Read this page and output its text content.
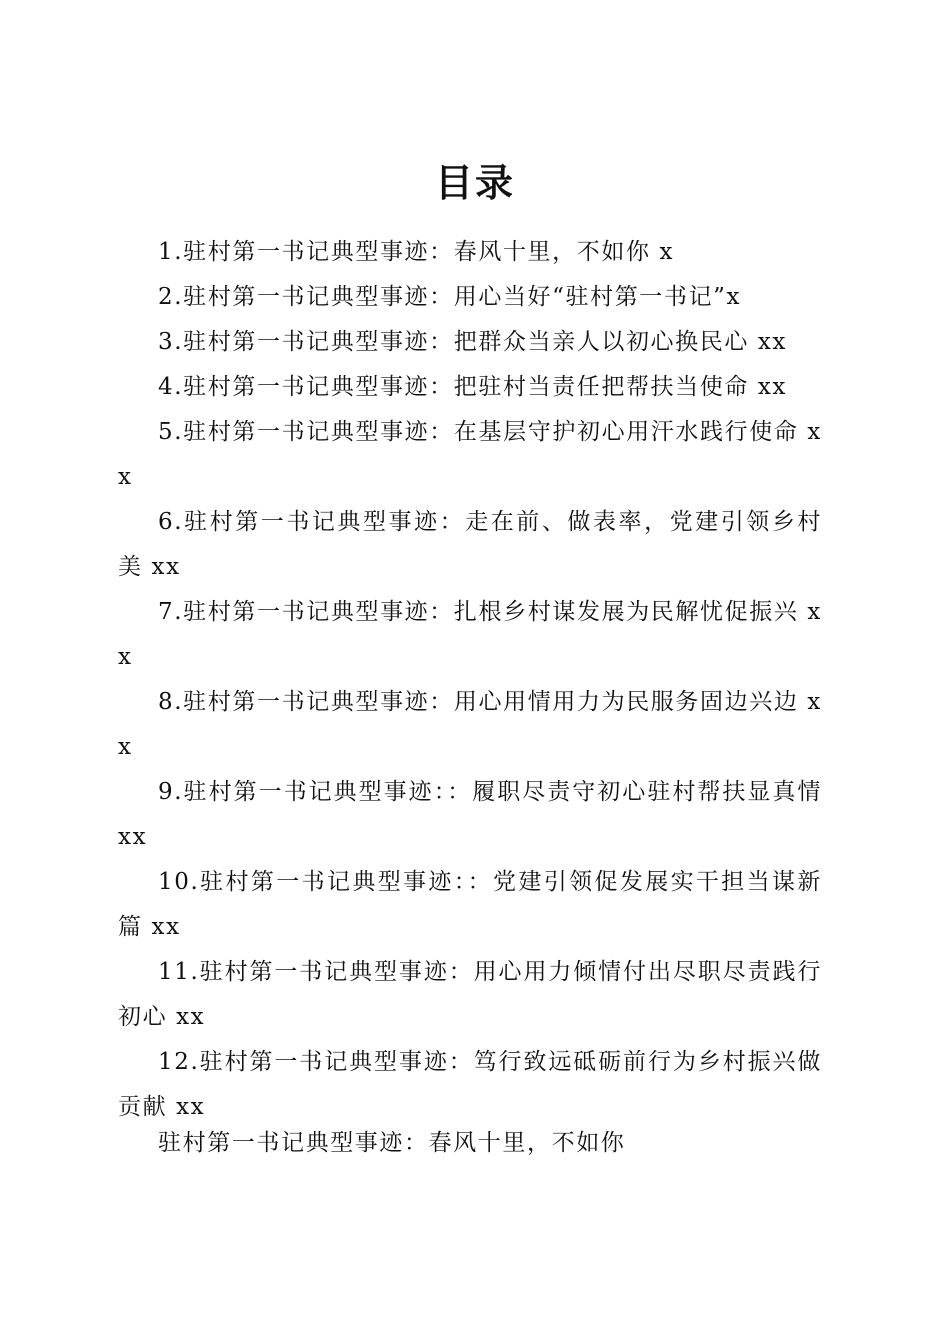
目录
1.驻村第一书记典型事迹：春风十里，不如你 x
2.驻村第一书记典型事迹：用心当好“驻村第一书记”x
3.驻村第一书记典型事迹：把群众当亲人以初心换民心 xx
4.驻村第一书记典型事迹：把驻村当责任把帮扶当使命 xx
5.驻村第一书记典型事迹：在基层守护初心用汗水践行使命 xx
6.驻村第一书记典型事迹：走在前、做表率，党建引领乡村美 xx
7.驻村第一书记典型事迹：扎根乡村谋发展为民解忧促振兴 xx
8.驻村第一书记典型事迹：用心用情用力为民服务固边兴边 xx
9.驻村第一书记典型事迹：：履职尽责守初心驻村帮扶显真情 xx
10.驻村第一书记典型事迹：：党建引领促发展实干担当谋新篇 xx
11.驻村第一书记典型事迹：用心用力倾情付出尽职尽责践行初心 xx
12.驻村第一书记典型事迹：笃行致远砥砺前行为乡村振兴做贡献 xx

驻村第一书记典型事迹：春风十里，不如你
